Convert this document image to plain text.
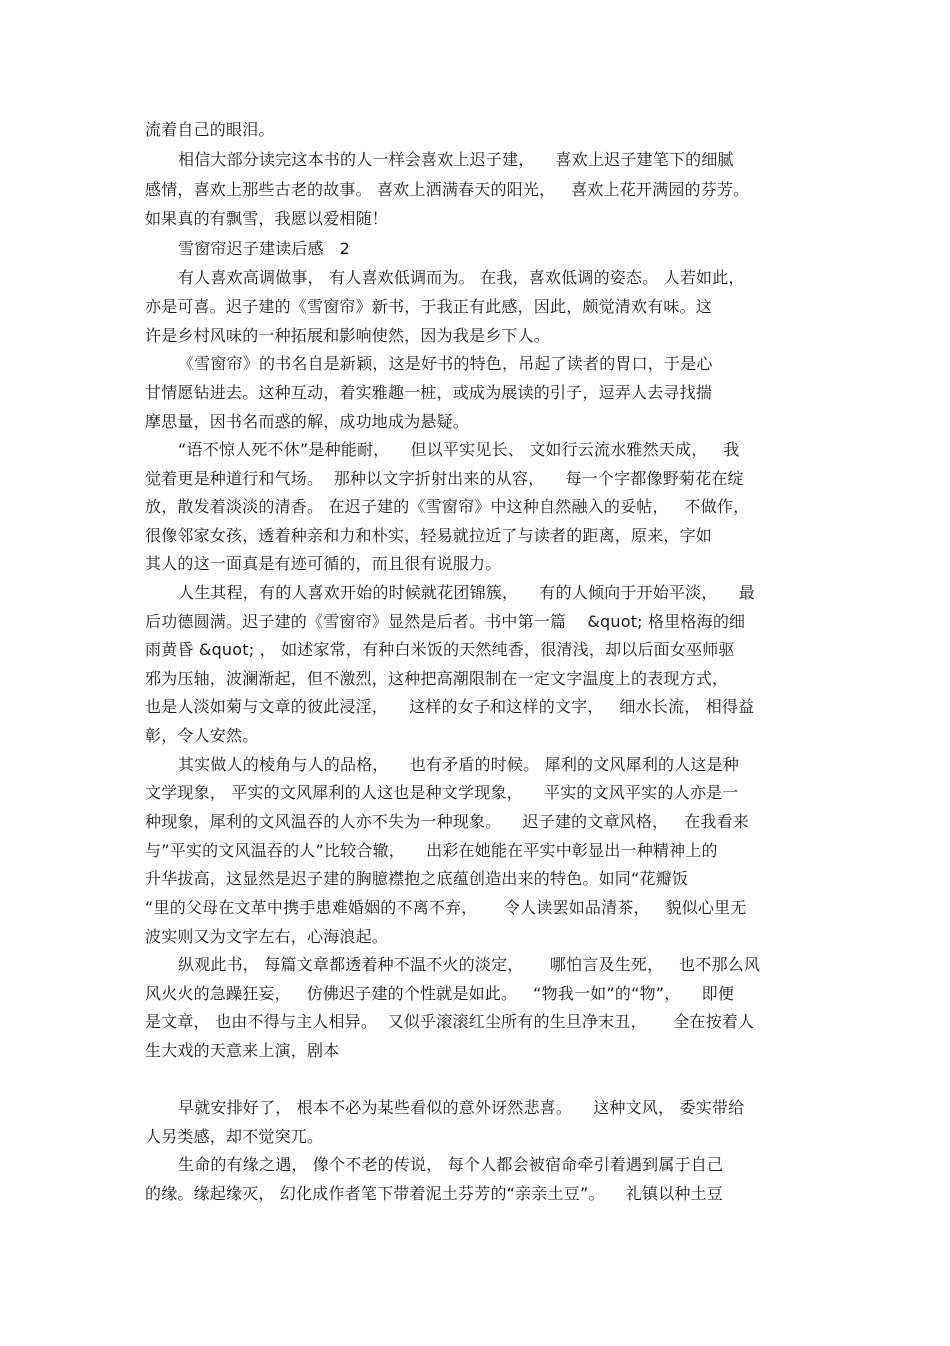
流着自己的眼泪。
相信大部分读完这本书的人一样会喜欢上迟子建，    喜欢上迟子建笔下的细腻
感情，喜欢上那些古老的故事。 喜欢上洒满春天的阳光，   喜欢上花开满园的芬芳。
如果真的有飘雪，我愿以爱相随！
雪窗帘迟子建读后感   2
有人喜欢高调做事， 有人喜欢低调而为。 在我，喜欢低调的姿态。 人若如此，
亦是可喜。迟子建的《雪窗帘》新书，于我正有此感，因此，颇觉清欢有味。这
许是乡村风味的一种拓展和影响使然，因为我是乡下人。
《雪窗帘》的书名自是新颖，这是好书的特色，吊起了读者的胃口，于是心
甘情愿钻进去。这种互动，着实雅趣一桩，或成为展读的引子，逗弄人去寻找揣
摩思量，因书名而惑的解，成功地成为悬疑。
“语不惊人死不休”是种能耐，    但以平实见长、 文如行云流水雅然天成，   我
觉着更是种道行和气场。  那种以文字折射出来的从容，    每一个字都像野菊花在绽
放，散发着淡淡的清香。 在迟子建的《雪窗帘》中这种自然融入的妥帖，   不做作，
很像邻家女孩，透着种亲和力和朴实，轻易就拉近了与读者的距离，原来，字如
其人的这一面真是有迹可循的，而且很有说服力。
人生其程，有的人喜欢开始的时候就花团锦簇，    有的人倾向于开始平淡，    最
后功德圆满。迟子建的《雪窗帘》显然是后者。书中第一篇    &quot; 格里格海的细
雨黄昏 &quot; ， 如述家常，有种白米饭的天然纯香，很清浅，却以后面女巫师驱
邪为压轴，波澜渐起，但不激烈，这种把高潮限制在一定文字温度上的表现方式，
也是人淡如菊与文章的彼此浸淫，    这样的女子和这样的文字，   细水长流， 相得益
彰，令人安然。
其实做人的棱角与人的品格，    也有矛盾的时候。 犀利的文风犀利的人这是种
文学现象， 平实的文风犀利的人这也是种文学现象，    平实的文风平实的人亦是一
种现象，犀利的文风温吞的人亦不失为一种现象。    迟子建的文章风格，   在我看来
与”平实的文风温吞的人”比较合辙，    出彩在她能在平实中彰显出一种精神上的
升华拔高，这显然是迟子建的胸臆襟抱之底蕴创造出来的特色。如同“花瓣饭
“里的父母在文革中携手患难婚姻的不离不弃，     令人读罢如品清茶，   貌似心里无
波实则又为文字左右，心海浪起。
纵观此书， 每篇文章都透着种不温不火的淡定，     哪怕言及生死，   也不那么风
风火火的急躁狂妄，   仿佛迟子建的个性就是如此。   “物我一如”的“物”，    即便
是文章， 也由不得与主人相异。  又似乎滚滚红尘所有的生旦净末丑，     全在按着人
生大戏的天意来上演，剧本
早就安排好了， 根本不必为某些看似的意外讶然悲喜。    这种文风， 委实带给
人另类感，却不觉突兀。
生命的有缘之遇， 像个不老的传说， 每个人都会被宿命牵引着遇到属于自己
的缘。缘起缘灭， 幻化成作者笔下带着泥土芬芳的“亲亲土豆”。    礼镇以种土豆
